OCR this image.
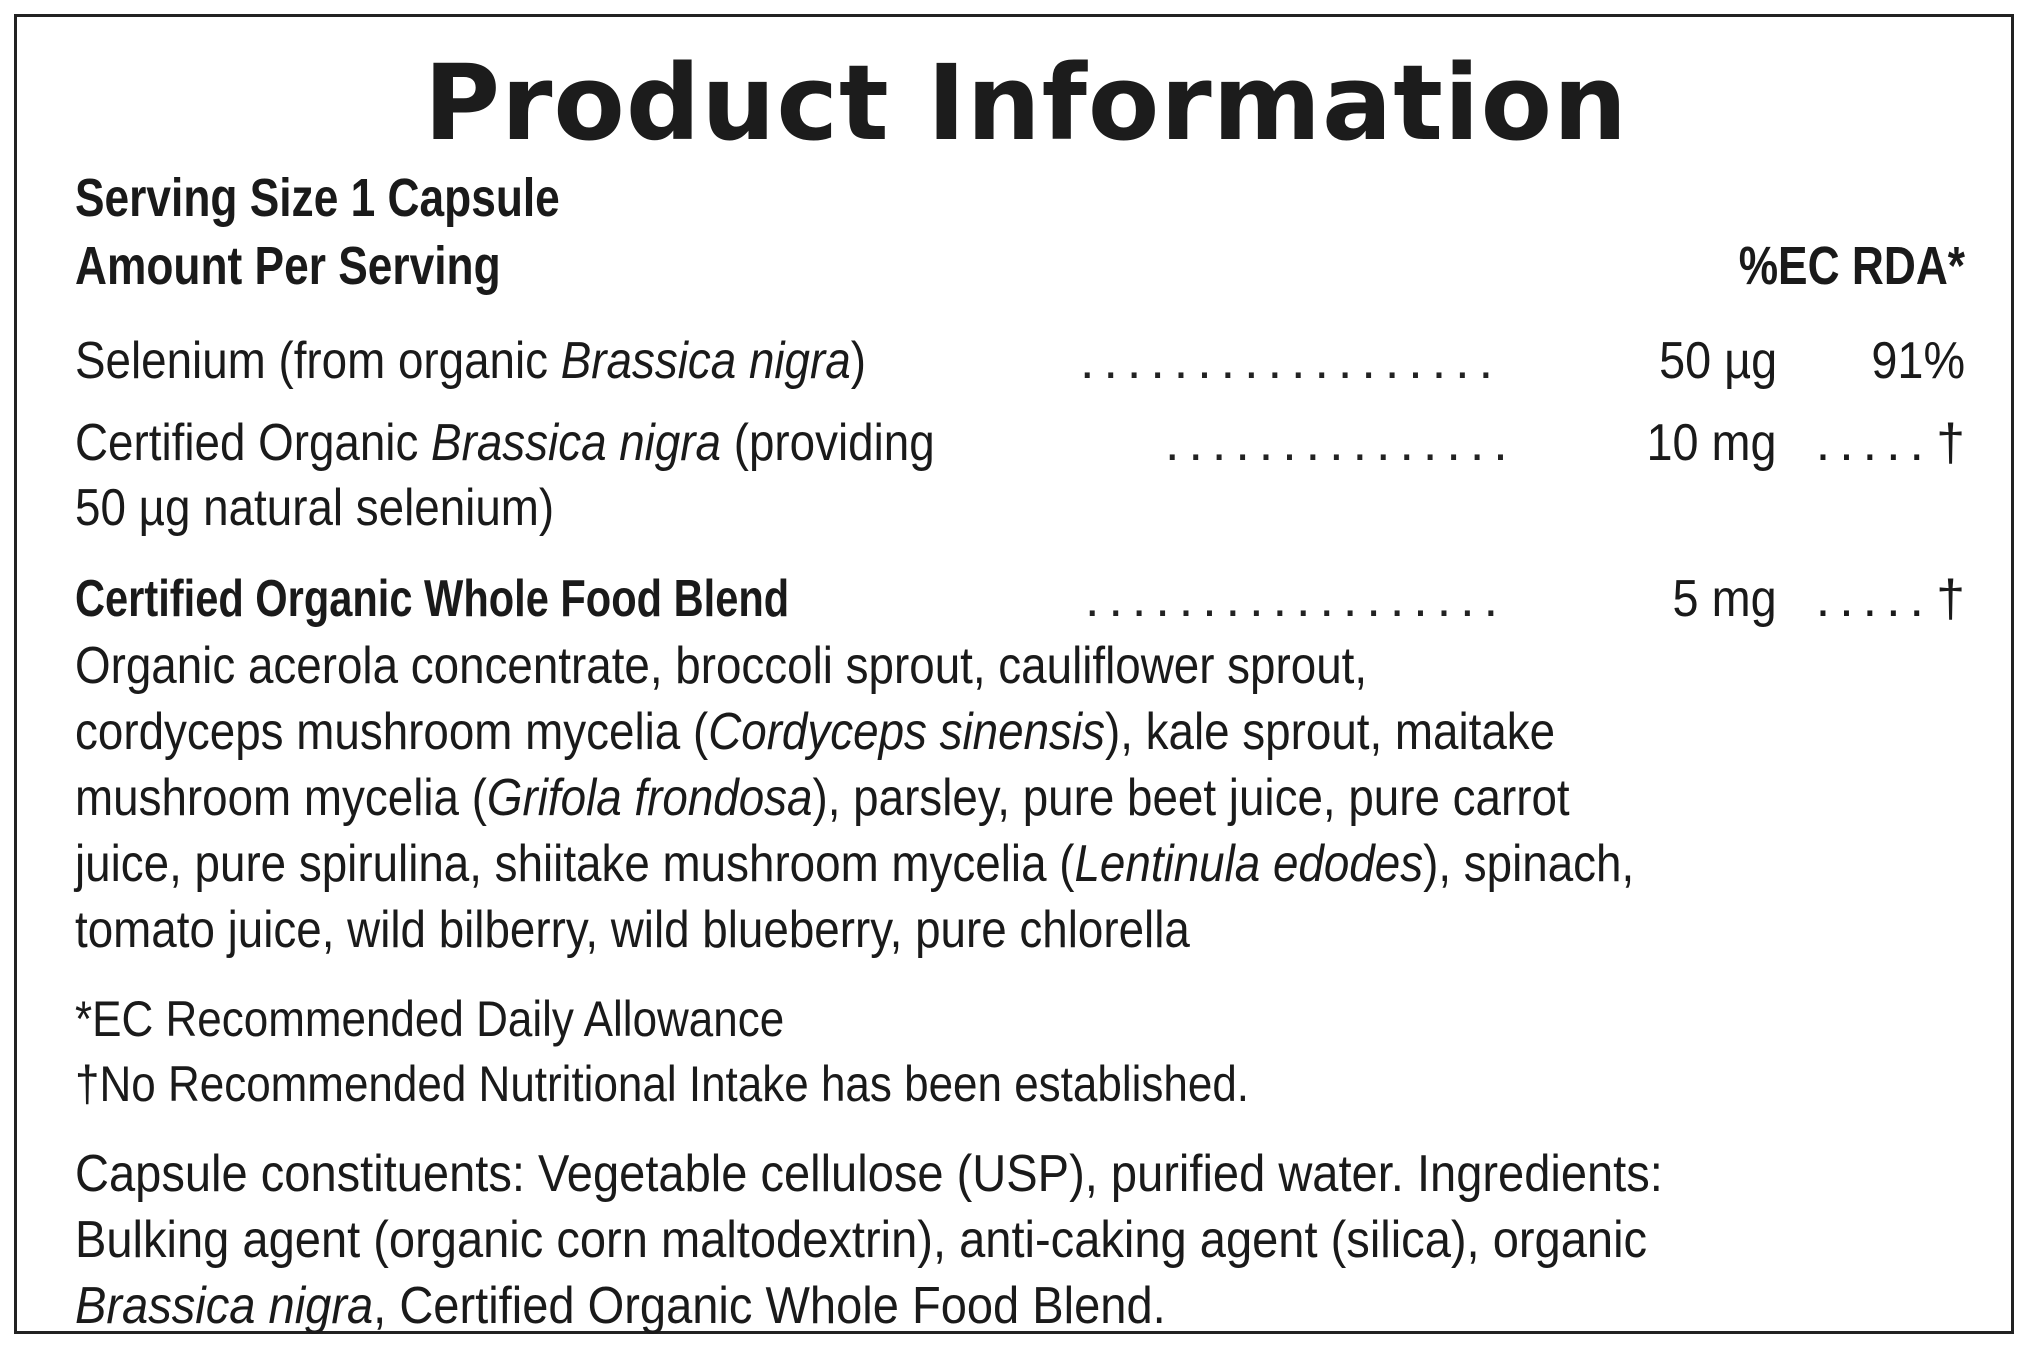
Product Information
Serving Size 1 Capsule
Amount Per Serving	%EC RDA*
Selenium (from organic Brassica nigra)	..................	50 µg 91%
Certified Organic Brassica nigra (providing	...............	10 mg ..... †
50 µg natural selenium)
Certified Organic Whole Food Blend	..................	5 mg ..... †
Organic acerola concentrate, broccoli sprout, cauliflower sprout,
cordyceps mushroom mycelia (Cordyceps sinensis), kale sprout, maitake
mushroom mycelia (Grifola frondosa), parsley, pure beet juice, pure carrot
juice, pure spirulina, shiitake mushroom mycelia (Lentinula edodes), spinach,
tomato juice, wild bilberry, wild blueberry, pure chlorella
*EC Recommended Daily Allowance
†No Recommended Nutritional Intake has been established.
Capsule constituents: Vegetable cellulose (USP), purified water. Ingredients:
Bulking agent (organic corn maltodextrin), anti-caking agent (silica), organic
Brassica nigra, Certified Organic Whole Food Blend.
